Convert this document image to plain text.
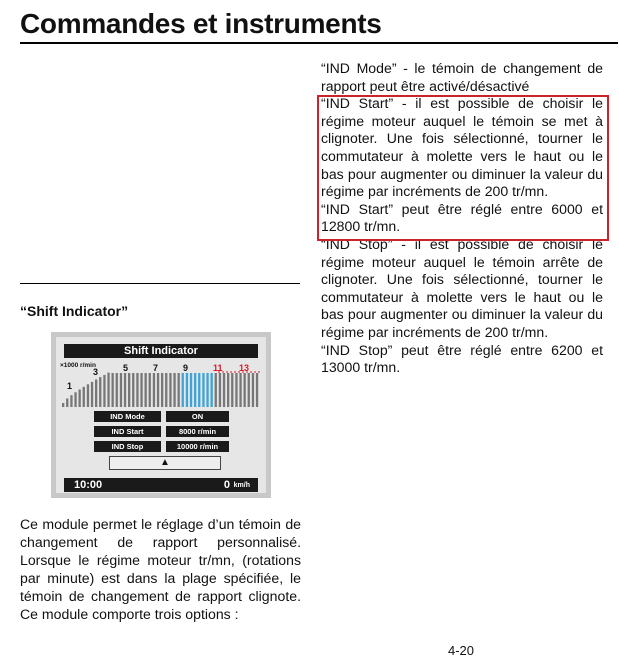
Commandes et instruments

“IND Mode” - le témoin de changement de rapport peut être activé/désactivé

“IND Start” - il est possible de choisir le régime moteur auquel le témoin se met à clignoter. Une fois sélectionné, tourner le commutateur à molette vers le haut ou le bas pour augmenter ou diminuer la valeur du régime par incréments de 200 tr/mn.

“IND Start” peut être réglé entre 6000 et 12800 tr/mn.

“IND Stop” - il est possible de choisir le régime moteur auquel le témoin arrête de clignoter. Une fois sélectionné, tourner le commutateur à molette vers le haut ou le bas pour augmenter ou diminuer la valeur du régime par incréments de 200 tr/mn.

“IND Stop” peut être réglé entre 6200 et 13000 tr/mn.

“Shift Indicator”
Shift Indicator
×1000 r/min
1
3	5	7	9	11 13
IND Mode	ON
IND Start	8000 r/min
IND Stop	10000 r/min
▲
10:00	0 km/h

Ce module permet le réglage d’un témoin de changement de rapport personnalisé. Lorsque le régime moteur tr/mn, (rotations par minute) est dans la plage spécifiée, le témoin de changement de rapport clignote. Ce module comporte trois options :

4-20
